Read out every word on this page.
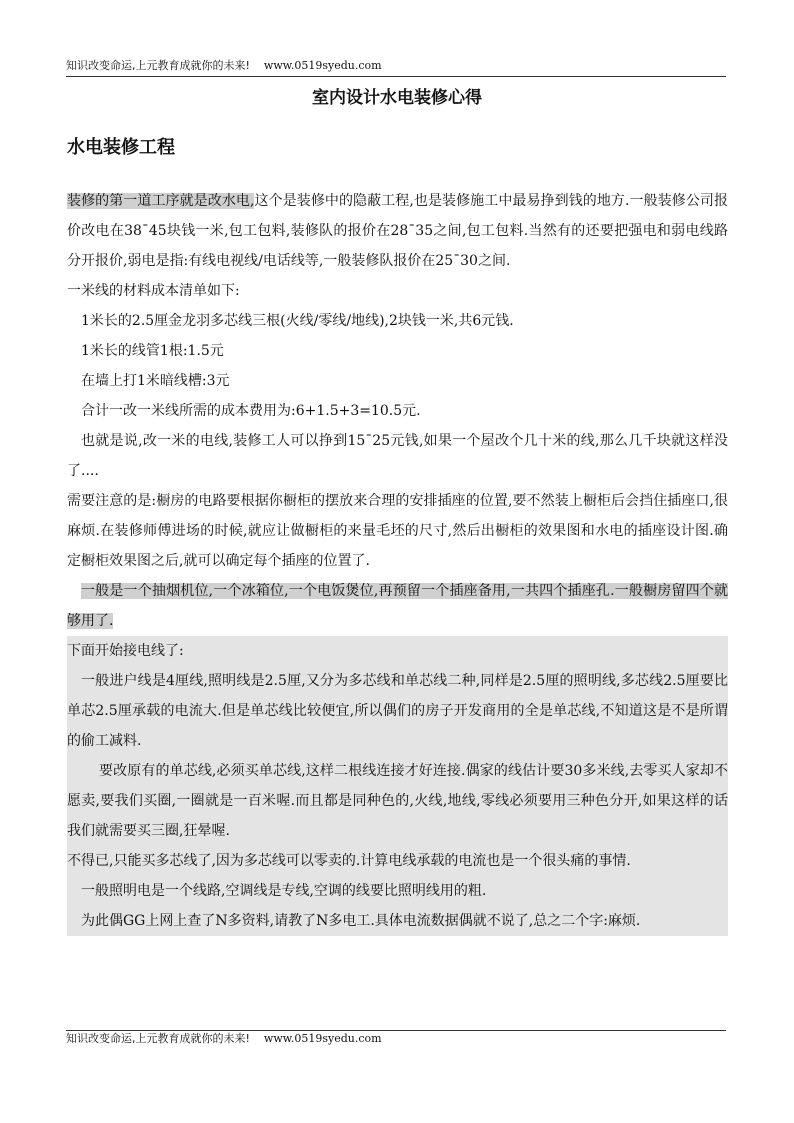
知识改变命运,上元教育成就你的未来! www.0519syedu.com
室内设计水电装修心得
水电装修工程

装修的第一道工序就是改水电,这个是装修中的隐蔽工程,也是装修施工中最易挣到钱的地方.一般装修公司报价改电在38¯45块钱一米,包工包料,装修队的报价在28¯35之间,包工包料.当然有的还要把强电和弱电线路分开报价,弱电是指:有线电视线/电话线等,一般装修队报价在25¯30之间.

一米线的材料成本清单如下:

1米长的2.5厘金龙羽多芯线三根(火线/零线/地线),2块钱一米,共6元钱.

1米长的线管1根:1.5元

在墙上打1米暗线槽:3元

合计一改一米线所需的成本费用为:6+1.5+3=10.5元.

也就是说,改一米的电线,装修工人可以挣到15¯25元钱,如果一个屋改个几十米的线,那么几千块就这样没了....

需要注意的是:橱房的电路要根据你橱柜的摆放来合理的安排插座的位置,要不然装上橱柜后会挡住插座口,很麻烦.在装修师傅进场的时候,就应让做橱柜的来量毛坯的尺寸,然后出橱柜的效果图和水电的插座设计图.确定橱柜效果图之后,就可以确定每个插座的位置了.

一般是一个抽烟机位,一个冰箱位,一个电饭煲位,再预留一个插座备用,一共四个插座孔.一般橱房留四个就够用了.

下面开始接电线了:

一般进户线是4厘线,照明线是2.5厘,又分为多芯线和单芯线二种,同样是2.5厘的照明线,多芯线2.5厘要比单芯2.5厘承载的电流大.但是单芯线比较便宜,所以偶们的房子开发商用的全是单芯线,不知道这是不是所谓的偷工减料.

要改原有的单芯线,必须买单芯线,这样二根线连接才好连接.偶家的线估计要30多米线,去零买人家却不愿卖,要我们买圈,一圈就是一百米喔.而且都是同种色的,火线,地线,零线必须要用三种色分开,如果这样的话我们就需要买三圈,狂晕喔.

不得已,只能买多芯线了,因为多芯线可以零卖的.计算电线承载的电流也是一个很头痛的事情.

一般照明电是一个线路,空调线是专线,空调的线要比照明线用的粗.

为此偶GG上网上查了N多资料,请教了N多电工.具体电流数据偶就不说了,总之二个字:麻烦.

知识改变命运,上元教育成就你的未来! www.0519syedu.com
